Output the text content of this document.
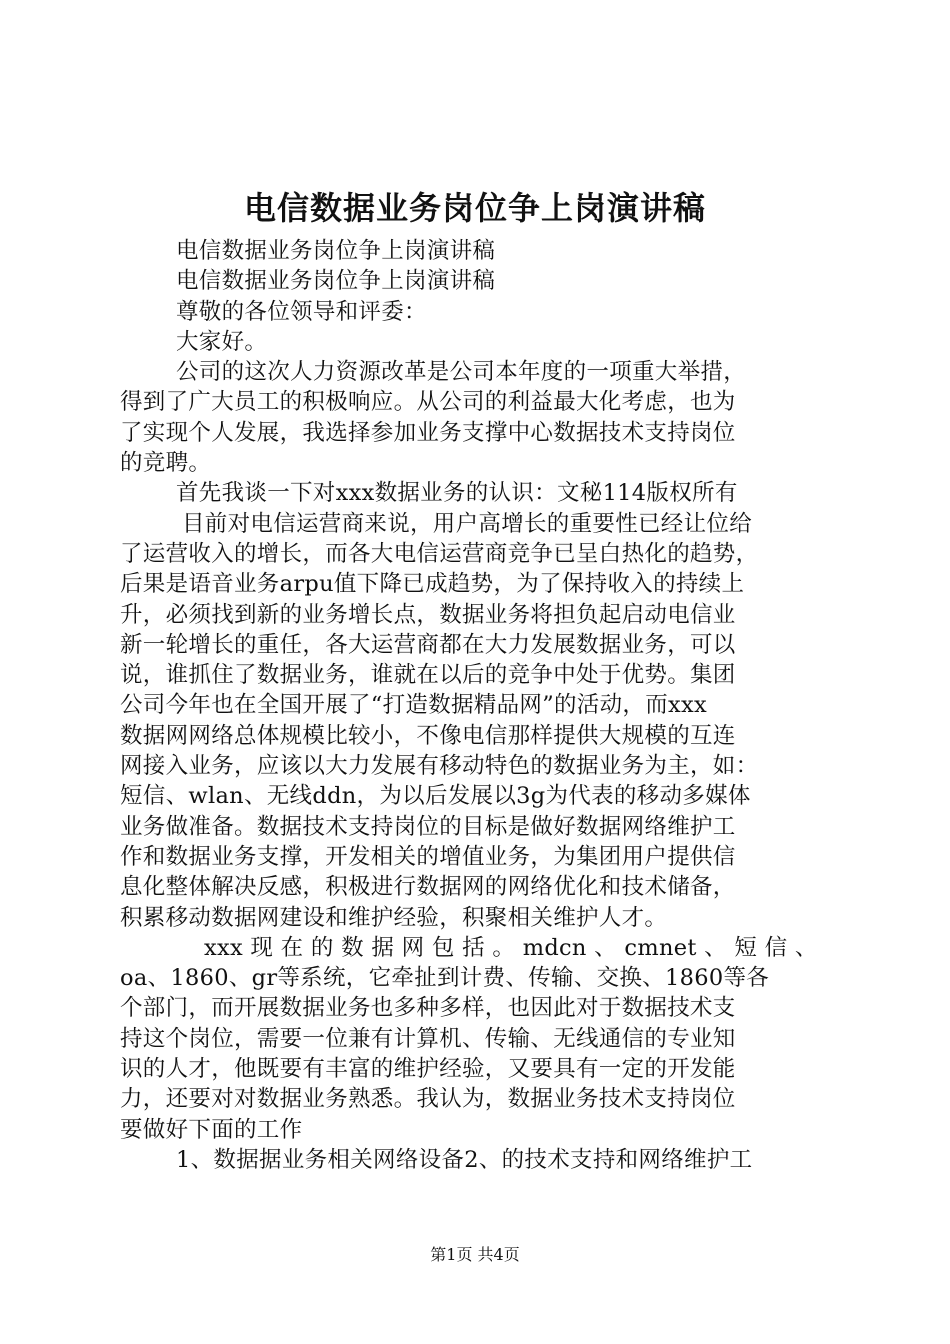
电信数据业务岗位争上岗演讲稿
电信数据业务岗位争上岗演讲稿
电信数据业务岗位争上岗演讲稿
尊敬的各位领导和评委：
大家好。
公司的这次人力资源改革是公司本年度的一项重大举措，
得到了广大员工的积极响应。从公司的利益最大化考虑，也为
了实现个人发展，我选择参加业务支撑中心数据技术支持岗位
的竞聘。
首先我谈一下对xxx数据业务的认识：文秘114版权所有
目前对电信运营商来说，用户高增长的重要性已经让位给
了运营收入的增长，而各大电信运营商竞争已呈白热化的趋势，
后果是语音业务arpu值下降已成趋势，为了保持收入的持续上
升，必须找到新的业务增长点，数据业务将担负起启动电信业
新一轮增长的重任，各大运营商都在大力发展数据业务，可以
说，谁抓住了数据业务，谁就在以后的竞争中处于优势。集团
公司今年也在全国开展了“打造数据精品网”的活动，而xxx
数据网网络总体规模比较小，不像电信那样提供大规模的互连
网接入业务，应该以大力发展有移动特色的数据业务为主，如：
短信、wlan、无线ddn，为以后发展以3g为代表的移动多媒体
业务做准备。数据技术支持岗位的目标是做好数据网络维护工
作和数据业务支撑，开发相关的增值业务，为集团用户提供信
息化整体解决反感，积极进行数据网的网络优化和技术储备，
积累移动数据网建设和维护经验，积聚相关维护人才。
xxx 现 在 的 数 据 网 包 括 。 mdcn 、 cmnet 、 短 信 、
oa、1860、gr等系统，它牵扯到计费、传输、交换、1860等各
个部门，而开展数据业务也多种多样，也因此对于数据技术支
持这个岗位，需要一位兼有计算机、传输、无线通信的专业知
识的人才，他既要有丰富的维护经验，又要具有一定的开发能
力，还要对对数据业务熟悉。我认为，数据业务技术支持岗位
要做好下面的工作
1、数据据业务相关网络设备2、的技术支持和网络维护工
第1页 共4页
